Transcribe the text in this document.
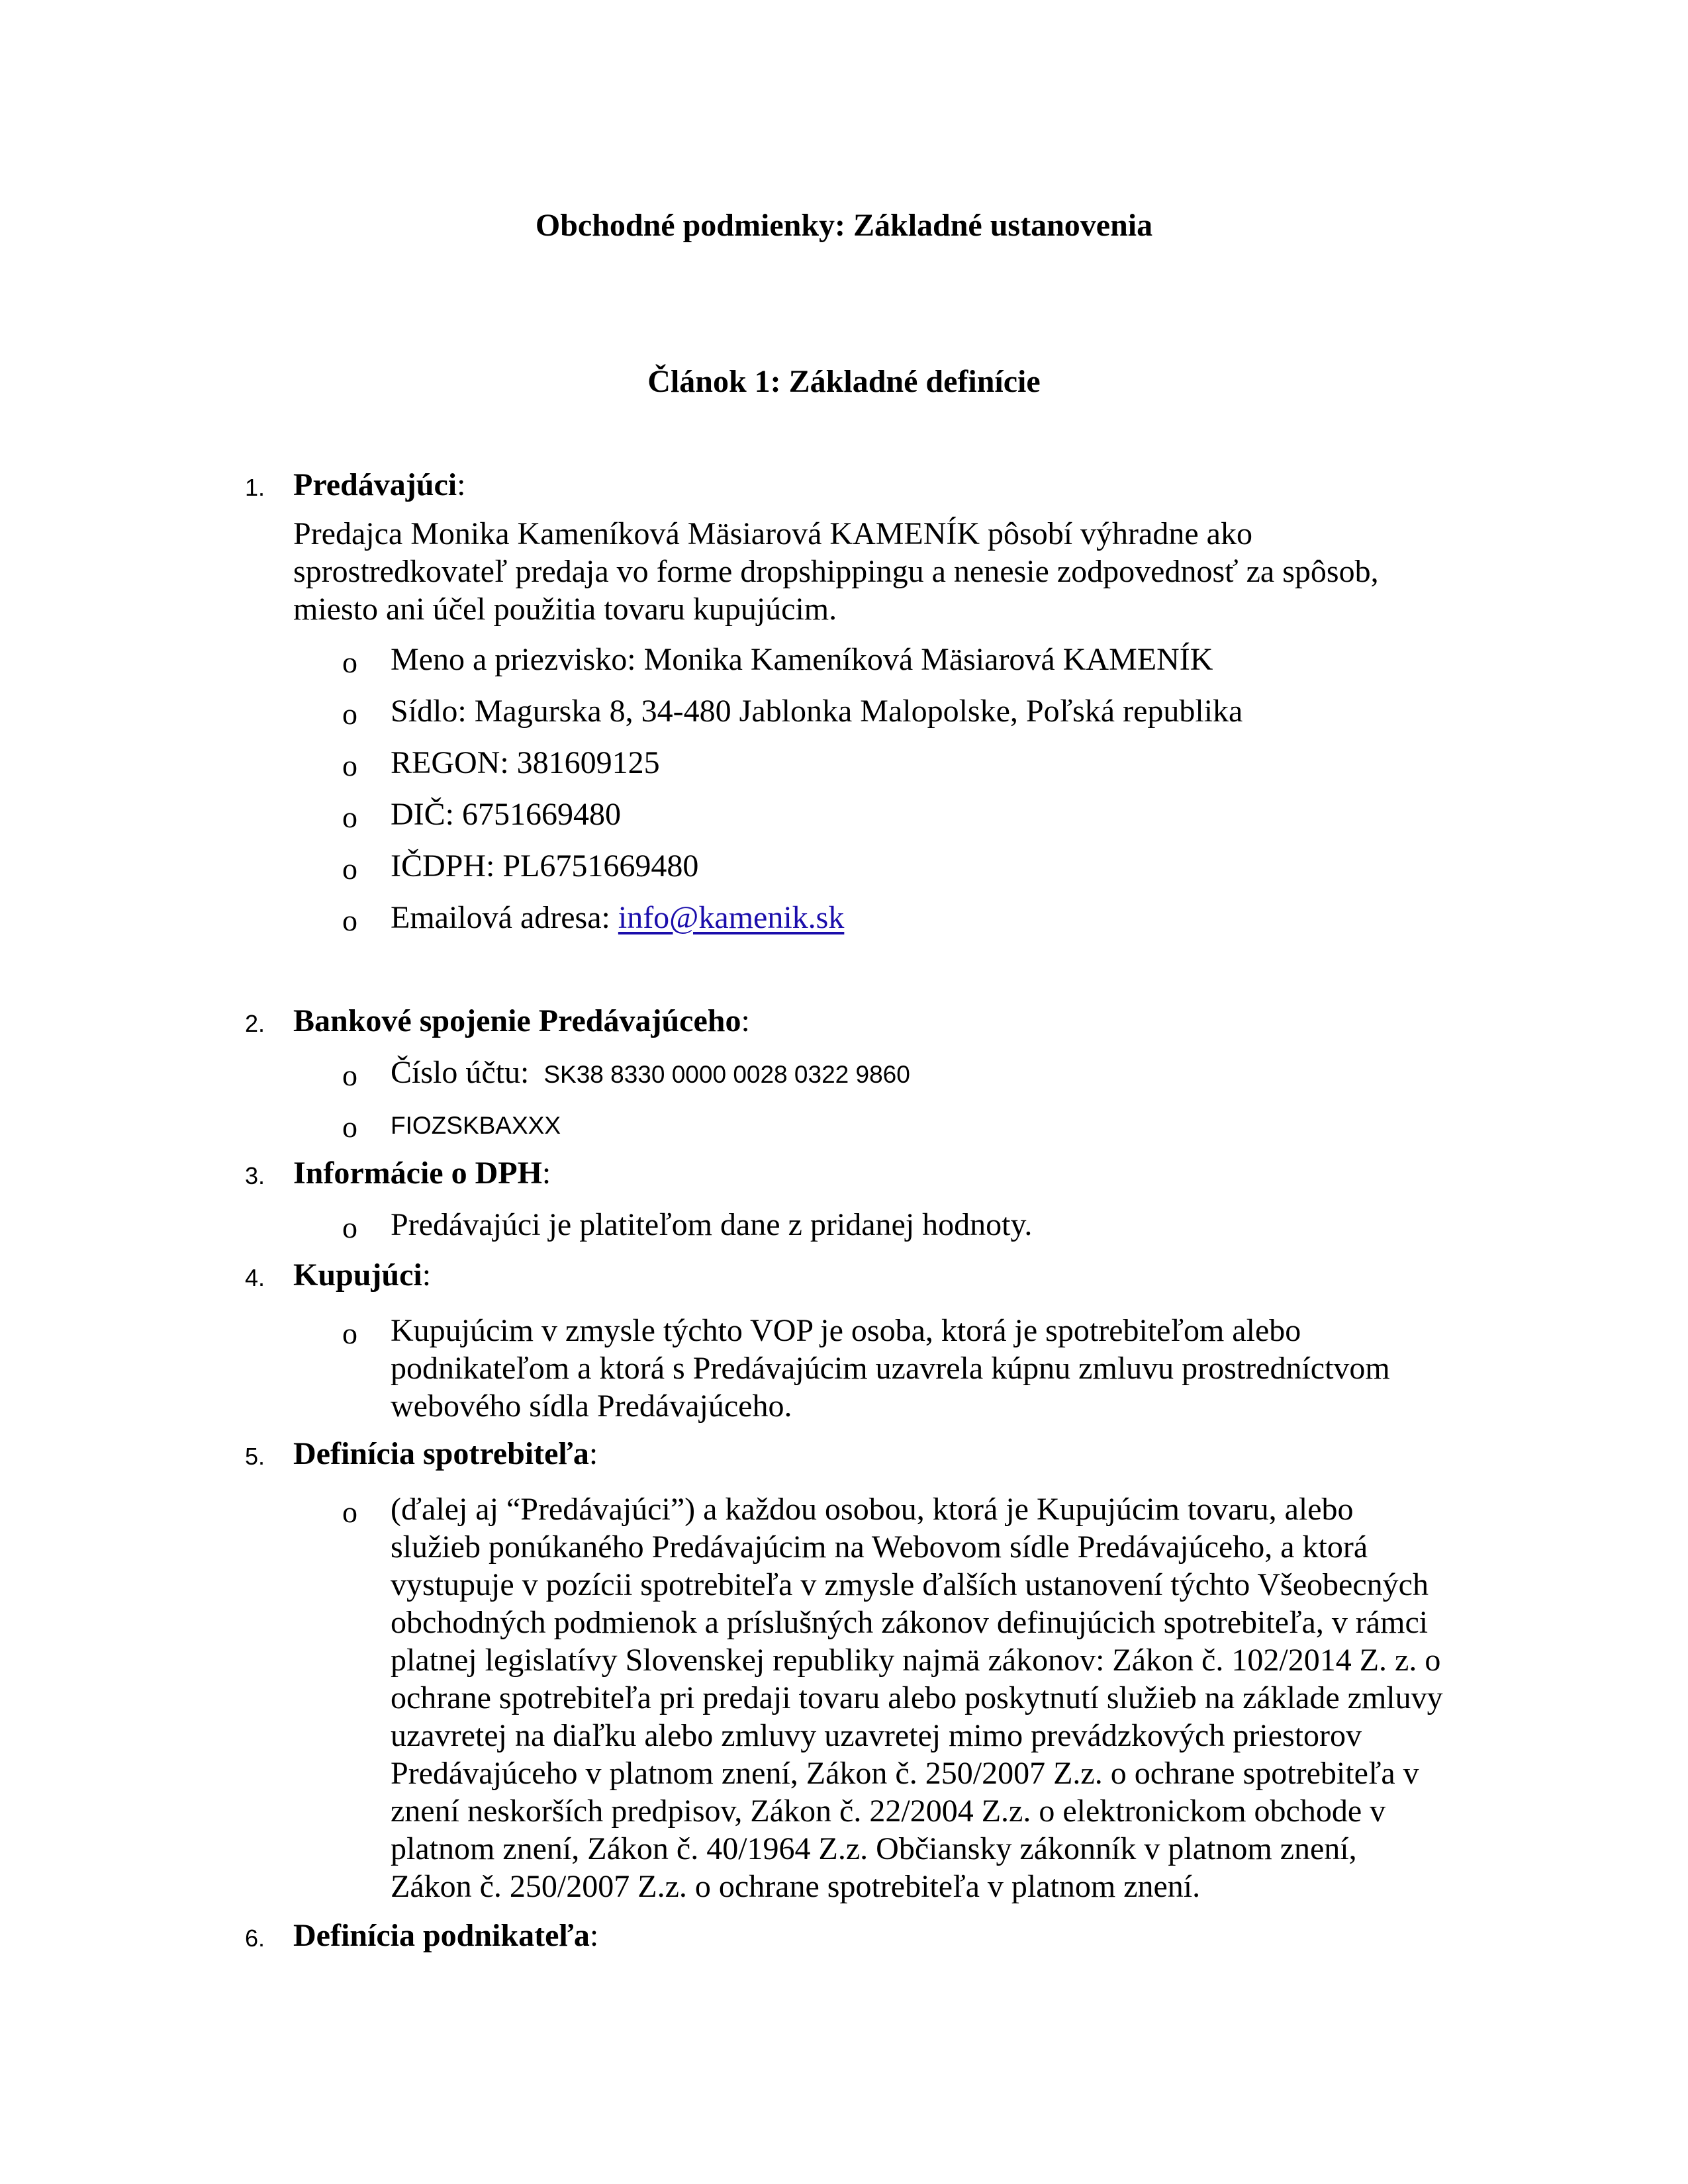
Obchodné podmienky: Základné ustanovenia
Článok 1: Základné definície
1. Predávajúci:
Predajca Monika Kameníková Mäsiarová KAMENÍK pôsobí výhradne ako
sprostredkovateľ predaja vo forme dropshippingu a nenesie zodpovednosť za spôsob,
miesto ani účel použitia tovaru kupujúcim.
o Meno a priezvisko: Monika Kameníková Mäsiarová KAMENÍK
o Sídlo: Magurska 8, 34-480 Jablonka Malopolske, Poľská republika
o REGON: 381609125
o DIČ: 6751669480
o IČDPH: PL6751669480
o Emailová adresa: info@kamenik.sk
2. Bankové spojenie Predávajúceho:
o Číslo účtu: SK38 8330 0000 0028 0322 9860
o FIOZSKBAXXX
3. Informácie o DPH:
o Predávajúci je platiteľom dane z pridanej hodnoty.
4. Kupujúci:
o Kupujúcim v zmysle týchto VOP je osoba, ktorá je spotrebiteľom alebo
podnikateľom a ktorá s Predávajúcim uzavrela kúpnu zmluvu prostredníctvom
webového sídla Predávajúceho.
5. Definícia spotrebiteľa:
o (ďalej aj “Predávajúci”) a každou osobou, ktorá je Kupujúcim tovaru, alebo
služieb ponúkaného Predávajúcim na Webovom sídle Predávajúceho, a ktorá
vystupuje v pozícii spotrebiteľa v zmysle ďalších ustanovení týchto Všeobecných
obchodných podmienok a príslušných zákonov definujúcich spotrebiteľa, v rámci
platnej legislatívy Slovenskej republiky najmä zákonov: Zákon č. 102/2014 Z. z. o
ochrane spotrebiteľa pri predaji tovaru alebo poskytnutí služieb na základe zmluvy
uzavretej na diaľku alebo zmluvy uzavretej mimo prevádzkových priestorov
Predávajúceho v platnom znení, Zákon č. 250/2007 Z.z. o ochrane spotrebiteľa v
znení neskorších predpisov, Zákon č. 22/2004 Z.z. o elektronickom obchode v
platnom znení, Zákon č. 40/1964 Z.z. Občiansky zákonník v platnom znení,
Zákon č. 250/2007 Z.z. o ochrane spotrebiteľa v platnom znení.
6. Definícia podnikateľa:
